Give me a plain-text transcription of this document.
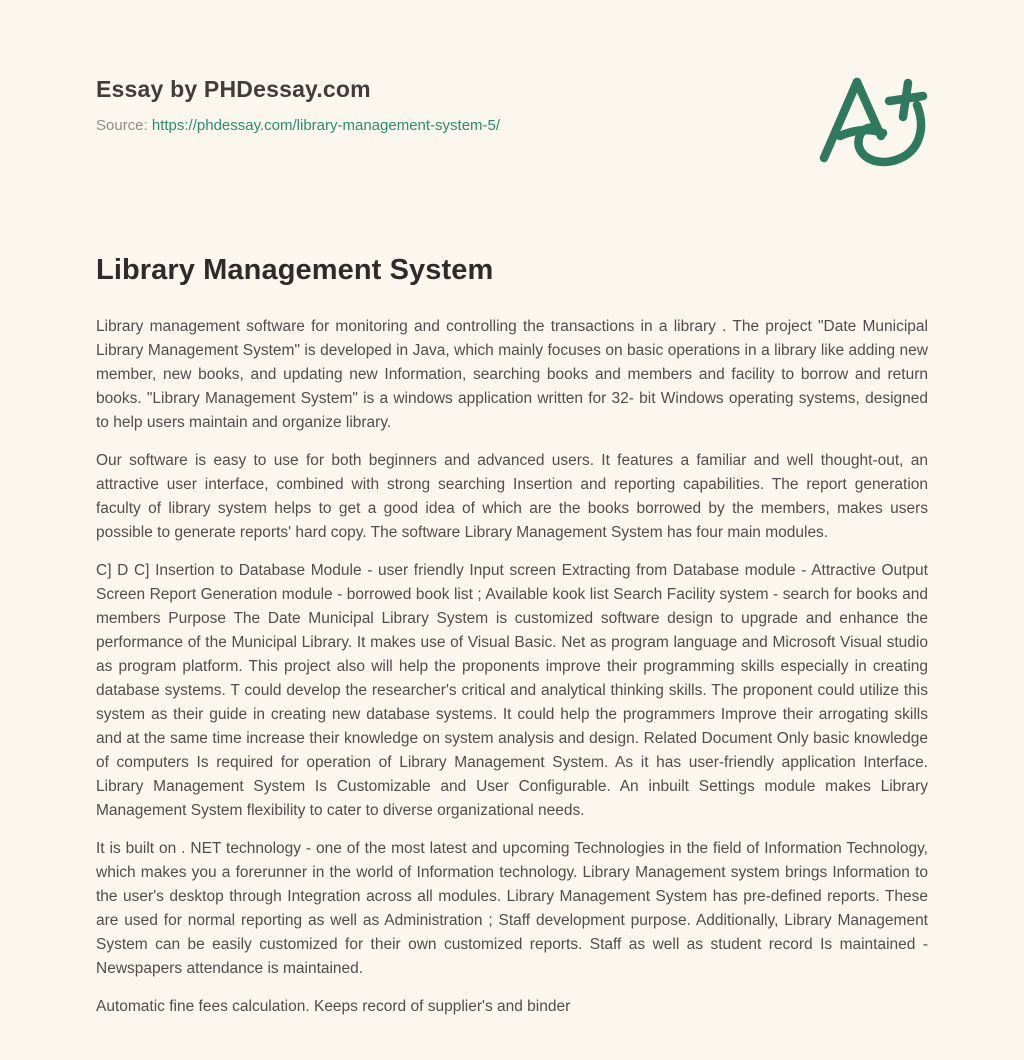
Essay by PHDessay.com
Source: https://phdessay.com/library-management-system-5/
Library Management System

Library management software for monitoring and controlling the transactions in a library . The project "Date Municipal Library Management System" is developed in Java, which mainly focuses on basic operations in a library like adding new member, new books, and updating new Information, searching books and members and facility to borrow and return books. "Library Management System" is a windows application written for 32- bit Windows operating systems, designed to help users maintain and organize library.

Our software is easy to use for both beginners and advanced users. It features a familiar and well thought-out, an attractive user interface, combined with strong searching Insertion and reporting capabilities. The report generation faculty of library system helps to get a good idea of which are the books borrowed by the members, makes users possible to generate reports' hard copy. The software Library Management System has four main modules.

C] D C] Insertion to Database Module - user friendly Input screen Extracting from Database module - Attractive Output Screen Report Generation module - borrowed book list ; Available kook list Search Facility system - search for books and members Purpose The Date Municipal Library System is customized software design to upgrade and enhance the performance of the Municipal Library. It makes use of Visual Basic. Net as program language and Microsoft Visual studio as program platform. This project also will help the proponents improve their programming skills especially in creating database systems. T could develop the researcher's critical and analytical thinking skills. The proponent could utilize this system as their guide in creating new database systems. It could help the programmers Improve their arrogating skills and at the same time increase their knowledge on system analysis and design. Related Document Only basic knowledge of computers Is required for operation of Library Management System. As it has user-friendly application Interface. Library Management System Is Customizable and User Configurable. An inbuilt Settings module makes Library Management System flexibility to cater to diverse organizational needs.

It is built on . NET technology - one of the most latest and upcoming Technologies in the field of Information Technology, which makes you a forerunner in the world of Information technology. Library Management system brings Information to the user's desktop through Integration across all modules. Library Management System has pre-defined reports. These are used for normal reporting as well as Administration ; Staff development purpose. Additionally, Library Management System can be easily customized for their own customized reports. Staff as well as student record Is maintained -Newspapers attendance is maintained.

Automatic fine fees calculation. Keeps record of supplier's and binder
